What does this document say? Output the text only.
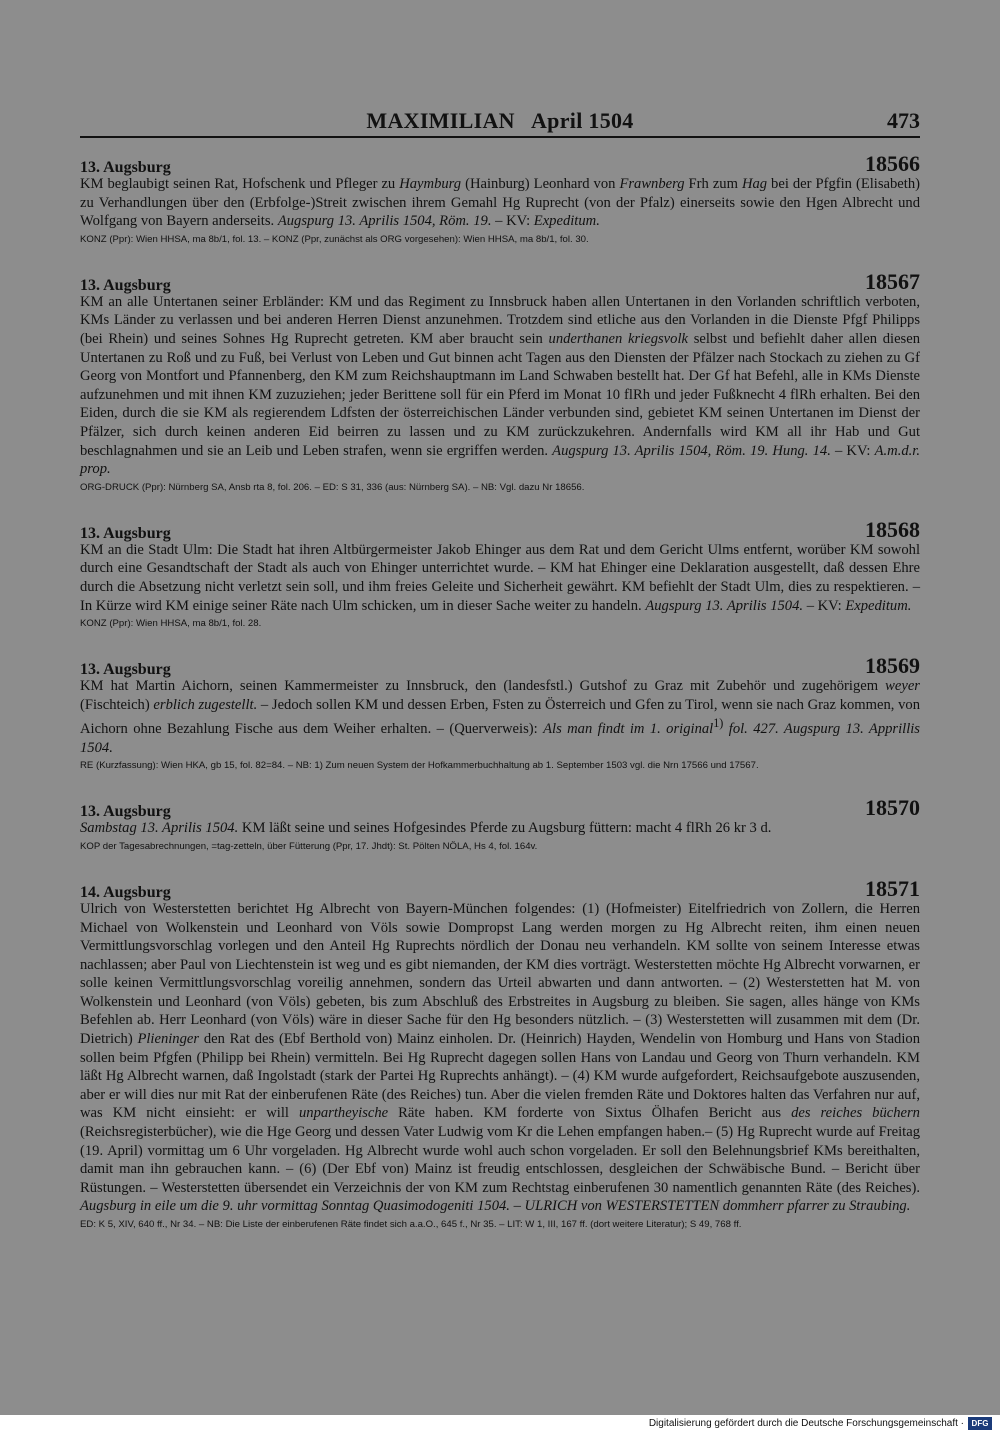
MAXIMILIAN   April 1504	473
13. Augsburg	18566
KM beglaubigt seinen Rat, Hofschenk und Pfleger zu Haymburg (Hainburg) Leonhard von Frawnberg Frh zum Hag bei der Pfgfin (Elisabeth) zu Verhandlungen über den (Erbfolge-)Streit zwischen ihrem Gemahl Hg Ruprecht (von der Pfalz) einerseits sowie den Hgen Albrecht und Wolfgang von Bayern anderseits. Augspurg 13. Aprilis 1504, Röm. 19. – KV: Expeditum.
KONZ (Ppr): Wien HHSA, ma 8b/1, fol. 13. – KONZ (Ppr, zunächst als ORG vorgesehen): Wien HHSA, ma 8b/1, fol. 30.
13. Augsburg	18567
KM an alle Untertanen seiner Erbländer: KM und das Regiment zu Innsbruck haben allen Untertanen in den Vorlanden schriftlich verboten, KMs Länder zu verlassen und bei anderen Herren Dienst anzunehmen. Trotzdem sind etliche aus den Vorlanden in die Dienste Pfgf Philipps (bei Rhein) und seines Sohnes Hg Ruprecht getreten. KM aber braucht sein underthanen kriegsvolk selbst und befiehlt daher allen diesen Untertanen zu Roß und zu Fuß, bei Verlust von Leben und Gut binnen acht Tagen aus den Diensten der Pfälzer nach Stockach zu ziehen zu Gf Georg von Montfort und Pfannenberg, den KM zum Reichshauptmann im Land Schwaben bestellt hat. Der Gf hat Befehl, alle in KMs Dienste aufzunehmen und mit ihnen KM zuzuziehen; jeder Berittene soll für ein Pferd im Monat 10 flRh und jeder Fußknecht 4 flRh erhalten. Bei den Eiden, durch die sie KM als regierendem Ldfsten der österreichischen Länder verbunden sind, gebietet KM seinen Untertanen im Dienst der Pfälzer, sich durch keinen anderen Eid beirren zu lassen und zu KM zurückzukehren. Andernfalls wird KM all ihr Hab und Gut beschlagnahmen und sie an Leib und Leben strafen, wenn sie ergriffen werden. Augspurg 13. Aprilis 1504, Röm. 19. Hung. 14. – KV: A.m.d.r. prop.
ORG-DRUCK (Ppr): Nürnberg SA, Ansb rta 8, fol. 206. – ED: S 31, 336 (aus: Nürnberg SA). – NB: Vgl. dazu Nr 18656.
13. Augsburg	18568
KM an die Stadt Ulm: Die Stadt hat ihren Altbürgermeister Jakob Ehinger aus dem Rat und dem Gericht Ulms entfernt, worüber KM sowohl durch eine Gesandtschaft der Stadt als auch von Ehinger unterrichtet wurde. – KM hat Ehinger eine Deklaration ausgestellt, daß dessen Ehre durch die Absetzung nicht verletzt sein soll, und ihm freies Geleite und Sicherheit gewährt. KM befiehlt der Stadt Ulm, dies zu respektieren. – In Kürze wird KM einige seiner Räte nach Ulm schicken, um in dieser Sache weiter zu handeln. Augspurg 13. Aprilis 1504. – KV: Expeditum.
KONZ (Ppr): Wien HHSA, ma 8b/1, fol. 28.
13. Augsburg	18569
KM hat Martin Aichorn, seinen Kammermeister zu Innsbruck, den (landesfstl.) Gutshof zu Graz mit Zubehör und zugehörigem weyer (Fischteich) erblich zugestellt. – Jedoch sollen KM und dessen Erben, Fsten zu Österreich und Gfen zu Tirol, wenn sie nach Graz kommen, von Aichorn ohne Bezahlung Fische aus dem Weiher erhalten. – (Querverweis): Als man findt im 1. original$^{1)}$ fol. 427. Augspurg 13. Apprillis 1504.
RE (Kurzfassung): Wien HKA, gb 15, fol. 82=84. – NB: 1) Zum neuen System der Hofkammerbuchhaltung ab 1. September 1503 vgl. die Nrn 17566 und 17567.
13. Augsburg	18570
Sambstag 13. Aprilis 1504. KM läßt seine und seines Hofgesindes Pferde zu Augsburg füttern: macht 4 flRh 26 kr 3 d.
KOP der Tagesabrechnungen, =tag-zetteln, über Fütterung (Ppr, 17. Jhdt): St. Pölten NÖLA, Hs 4, fol. 164v.
14. Augsburg	18571
Ulrich von Westerstetten berichtet Hg Albrecht von Bayern-München folgendes: (1) (Hofmeister) Eitelfriedrich von Zollern, die Herren Michael von Wolkenstein und Leonhard von Völs sowie Dompropst Lang werden morgen zu Hg Albrecht reiten, ihm einen neuen Vermittlungsvorschlag vorlegen und den Anteil Hg Ruprechts nördlich der Donau neu verhandeln. KM sollte von seinem Interesse etwas nachlassen; aber Paul von Liechtenstein ist weg und es gibt niemanden, der KM dies vorträgt. Westerstetten möchte Hg Albrecht vorwarnen, er solle keinen Vermittlungsvorschlag voreilig annehmen, sondern das Urteil abwarten und dann antworten. – (2) Westerstetten hat M. von Wolkenstein und Leonhard (von Völs) gebeten, bis zum Abschluß des Erbstreites in Augsburg zu bleiben. Sie sagen, alles hänge von KMs Befehlen ab. Herr Leonhard (von Völs) wäre in dieser Sache für den Hg besonders nützlich. – (3) Westerstetten will zusammen mit dem (Dr. Dietrich) Plieninger den Rat des (Ebf Berthold von) Mainz einholen. Dr. (Heinrich) Hayden, Wendelin von Homburg und Hans von Stadion sollen beim Pfgfen (Philipp bei Rhein) vermitteln. Bei Hg Ruprecht dagegen sollen Hans von Landau und Georg von Thurn verhandeln. KM läßt Hg Albrecht warnen, daß Ingolstadt (stark der Partei Hg Ruprechts anhängt). – (4) KM wurde aufgefordert, Reichsaufgebote auszusenden, aber er will dies nur mit Rat der einberufenen Räte (des Reiches) tun. Aber die vielen fremden Räte und Doktores halten das Verfahren nur auf, was KM nicht einsieht: er will unpartheyische Räte haben. KM forderte von Sixtus Ölhafen Bericht aus des reiches büchern (Reichsregisterbücher), wie die Hge Georg und dessen Vater Ludwig vom Kr die Lehen empfangen haben.– (5) Hg Ruprecht wurde auf Freitag (19. April) vormittag um 6 Uhr vorgeladen. Hg Albrecht wurde wohl auch schon vorgeladen. Er soll den Belehnungsbrief KMs bereithalten, damit man ihn gebrauchen kann. – (6) (Der Ebf von) Mainz ist freudig entschlossen, desgleichen der Schwäbische Bund. – Bericht über Rüstungen. – Westerstetten übersendet ein Verzeichnis der von KM zum Rechtstag einberufenen 30 namentlich genannten Räte (des Reiches). Augsburg in eile um die 9. uhr vormittag Sonntag Quasimodogeniti 1504. – ULRICH von WESTERSTETTEN dommherr pfarrer zu Straubing.
ED: K 5, XIV, 640 ff., Nr 34. – NB: Die Liste der einberufenen Räte findet sich a.a.O., 645 f., Nr 35. – LIT: W 1, III, 167 ff. (dort weitere Literatur); S 49, 768 ff.
Digitalisierung gefördert durch die Deutsche Forschungsgemeinschaft · DFG
